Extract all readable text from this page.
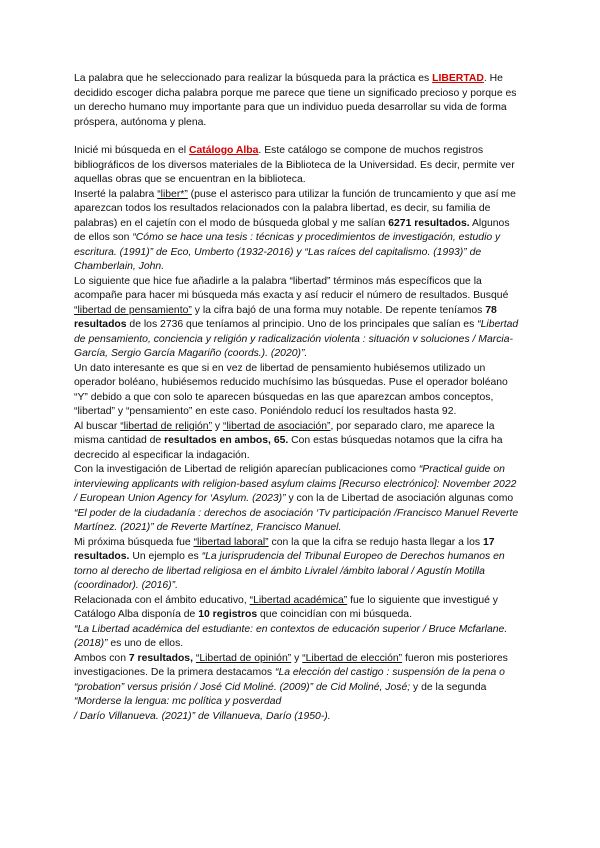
La palabra que he seleccionado para realizar la búsqueda para la práctica es LIBERTAD. He decidido escoger dicha palabra porque me parece que tiene un significado precioso y porque es un derecho humano muy importante para que un individuo pueda desarrollar su vida de forma próspera, autónoma y plena.

Inicié mi búsqueda en el Catálogo Alba. Este catálogo se compone de muchos registros bibliográficos de los diversos materiales de la Biblioteca de la Universidad. Es decir, permite ver aquellas obras que se encuentran en la biblioteca.

Inserté la palabra “liber*” (puse el asterisco para utilizar la función de truncamiento y que así me aparezcan todos los resultados relacionados con la palabra libertad, es decir, su familia de palabras) en el cajetín con el modo de búsqueda global y me salían 6271 resultados. Algunos de ellos son “Cómo se hace una tesis : técnicas y procedimientos de investigación, estudio y escritura. (1991)” de Eco, Umberto (1932-2016) y “Las raíces del capitalismo. (1993)” de Chamberlain, John.

Lo siguiente que hice fue añadirle a la palabra “libertad” términos más específicos que la acompañe para hacer mi búsqueda más exacta y así reducir el número de resultados. Busqué “libertad de pensamiento” y la cifra bajó de una forma muy notable. De repente teníamos 78 resultados de los 2736 que teníamos al principio. Uno de los principales que salían es “Libertad de pensamiento, conciencia y religión y radicalización violenta : situación v soluciones / Marcia-García, Sergio García Magariño (coords.). (2020)”.

Un dato interesante es que si en vez de libertad de pensamiento hubiésemos utilizado un operador boléano, hubiésemos reducido muchísimo las búsquedas. Puse el operador boléano “Y” debido a que con solo te aparecen búsquedas en las que aparezcan ambos conceptos, “libertad” y “pensamiento” en este caso. Poniéndolo reducí los resultados hasta 92.

Al buscar “libertad de religión” y “libertad de asociación”, por separado claro, me aparece la misma cantidad de resultados en ambos, 65. Con estas búsquedas notamos que la cifra ha decrecido al especificar la indagación.

Con la investigación de Libertad de religión aparecían publicaciones como “Practical guide on interviewing applicants with religion-based asylum claims [Recurso electrónico]: November 2022 / European Union Agency for ‘Asylum. (2023)” y con la de Libertad de asociación algunas como “El poder de la ciudadanía : derechos de asociación ‘Tv participación /Francisco Manuel Reverte Martínez. (2021)” de Reverte Martínez, Francisco Manuel.

Mi próxima búsqueda fue “libertad laboral” con la que la cifra se redujo hasta llegar a los 17 resultados. Un ejemplo es “La jurisprudencia del Tribunal Europeo de Derechos humanos en torno al derecho de libertad religiosa en el ámbito Livralel /ámbito laboral / Agustín Motilla (coordinador). (2016)”.

Relacionada con el ámbito educativo, “Libertad académica” fue lo siguiente que investigué y Catálogo Alba disponía de 10 registros que coincidían con mi búsqueda.

“La Libertad académica del estudiante: en contextos de educación superior / Bruce Mcfarlane. (2018)” es uno de ellos.

Ambos con 7 resultados, “Libertad de opinión” y “Libertad de elección” fueron mis posteriores investigaciones. De la primera destacamos “La elección del castigo : suspensión de la pena o “probation” versus prisión / José Cid Moliné. (2009)” de Cid Moliné, José; y de la segunda “Morderse la lengua: mc política y posverdad
/ Darío Villanueva. (2021)” de Villanueva, Darío (1950-).
